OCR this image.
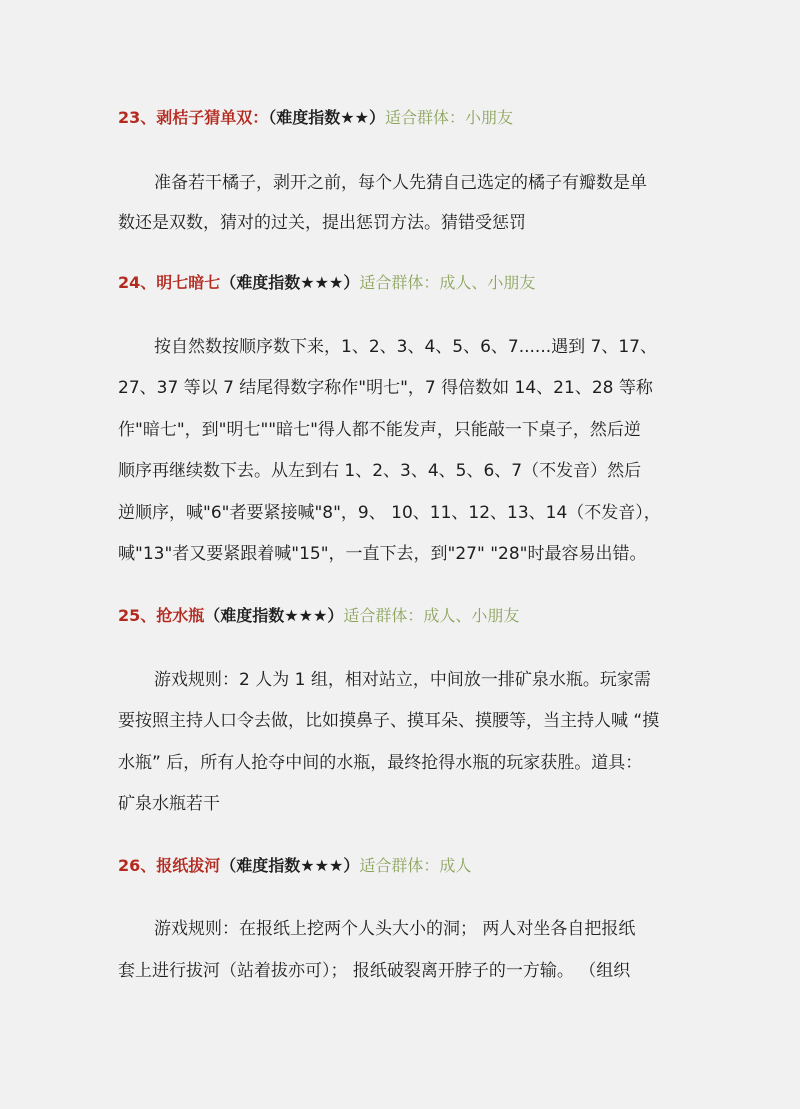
23、剥桔子猜单双：（难度指数★★）适合群体：小朋友
准备若干橘子，剥开之前，每个人先猜自己选定的橘子有瓣数是单
数还是双数，猜对的过关，提出惩罚方法。猜错受惩罚
24、明七暗七（难度指数★★★）适合群体：成人、小朋友
按自然数按顺序数下来，1、2、3、4、5、6、7......遇到 7、17、
27、37 等以 7 结尾得数字称作"明七"，7 得倍数如 14、21、28 等称
作"暗七"，到"明七""暗七"得人都不能发声，只能敲一下桌子，然后逆
顺序再继续数下去。从左到右 1、2、3、4、5、6、7（不发音）然后
逆顺序，喊"6"者要紧接喊"8"，9、 10、11、12、13、14（不发音），
喊"13"者又要紧跟着喊"15"，一直下去，到"27" "28"时最容易出错。
25、抢水瓶（难度指数★★★）适合群体：成人、小朋友
游戏规则：2 人为 1 组，相对站立，中间放一排矿泉水瓶。玩家需
要按照主持人口令去做，比如摸鼻子、摸耳朵、摸腰等，当主持人喊 “摸
水瓶” 后，所有人抢夺中间的水瓶，最终抢得水瓶的玩家获胜。道具：
矿泉水瓶若干
26、报纸拔河（难度指数★★★）适合群体：成人
游戏规则：在报纸上挖两个人头大小的洞； 两人对坐各自把报纸
套上进行拔河（站着拔亦可）； 报纸破裂离开脖子的一方输。 （组织
